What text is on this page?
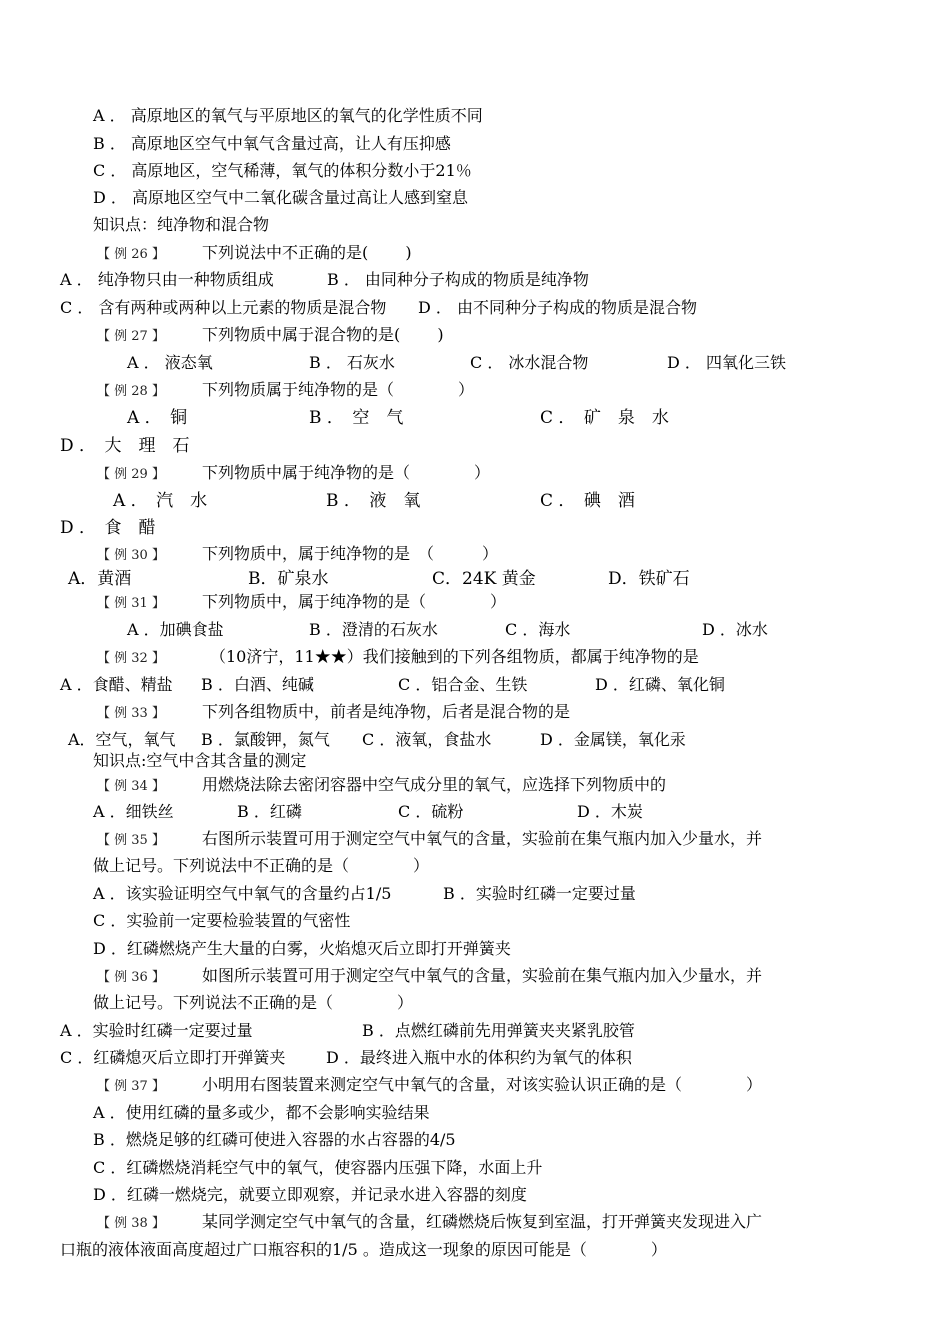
A ． 高原地区的氧气与平原地区的氧气的化学性质不同
B ． 高原地区空气中氧气含量过高，让人有压抑感
C ． 高原地区，空气稀薄，氧气的体积分数小于21％
D ． 高原地区空气中二氧化碳含量过高让人感到窒息
知识点：纯净物和混合物
【 例 26 】 下列说法中不正确的是(　　 )
A ． 纯净物只由一种物质组成	B ． 由同种分子构成的物质是纯净物
C ． 含有两种或两种以上元素的物质是混合物 D ． 由不同种分子构成的物质是混合物
【 例 27 】 下列物质中属于混合物的是(　　 )
A ． 液态氧	B ． 石灰水	C ． 冰水混合物	D ． 四氧化三铁
【 例 28 】 下列物质属于纯净物的是（　　　　）
A ．　铜	B ．　空　气	C ．　矿　泉　水
D ．　大　理　石
【 例 29 】 下列物质中属于纯净物的是（　　　　）
A ．　汽　水	B ．　液　氧	C ．　碘　酒
D ．　食　醋
【 例 30 】 下列物质中，属于纯净物的是　（　　　）
A．黄酒	B．矿泉水	C．24K 黄金	D．铁矿石
【 例 31 】 下列物质中，属于纯净物的是（　　　　）
A ．加碘食盐	B ．澄清的石灰水	C ．海水	D ．冰水
【 例 32 】	（10济宁，11★★）我们接触到的下列各组物质，都属于纯净物的是
A ．食醋、精盐 B ．白酒、纯碱	C ．铝合金、生铁	D ．红磷、氧化铜
【 例 33 】 下列各组物质中，前者是纯净物，后者是混合物的是
A．空气，氧气 B ．氯酸钾，氮气 C ．液氧，食盐水	D ．金属镁，氧化汞
知识点:空气中含其含量的测定
【 例 34 】 用燃烧法除去密闭容器中空气成分里的氧气，应选择下列物质中的
A ．细铁丝	B ．红磷	C ．硫粉	D ．木炭
【 例 35 】 右图所示装置可用于测定空气中氧气的含量，实验前在集气瓶内加入少量水，并
做上记号。下列说法中不正确的是（　　　　）
A ．该实验证明空气中氧气的含量约占1/5	B ．实验时红磷一定要过量
C ．实验前一定要检验装置的气密性
D ．红磷燃烧产生大量的白雾，火焰熄灭后立即打开弹簧夹
【 例 36 】 如图所示装置可用于测定空气中氧气的含量，实验前在集气瓶内加入少量水，并
做上记号。下列说法不正确的是（　　　　）
A ．实验时红磷一定要过量	B ．点燃红磷前先用弹簧夹夹紧乳胶管
C ．红磷熄灭后立即打开弹簧夹	D ．最终进入瓶中水的体积约为氧气的体积
【 例 37 】 小明用右图装置来测定空气中氧气的含量，对该实验认识正确的是（　　　　）
A ．使用红磷的量多或少，都不会影响实验结果
B ．燃烧足够的红磷可使进入容器的水占容器的4/5
C ．红磷燃烧消耗空气中的氧气，使容器内压强下降，水面上升
D ．红磷一燃烧完，就要立即观察，并记录水进入容器的刻度
【 例 38 】 某同学测定空气中氧气的含量，红磷燃烧后恢复到室温，打开弹簧夹发现进入广
口瓶的液体液面高度超过广口瓶容积的1/5 。造成这一现象的原因可能是（　　　　）
